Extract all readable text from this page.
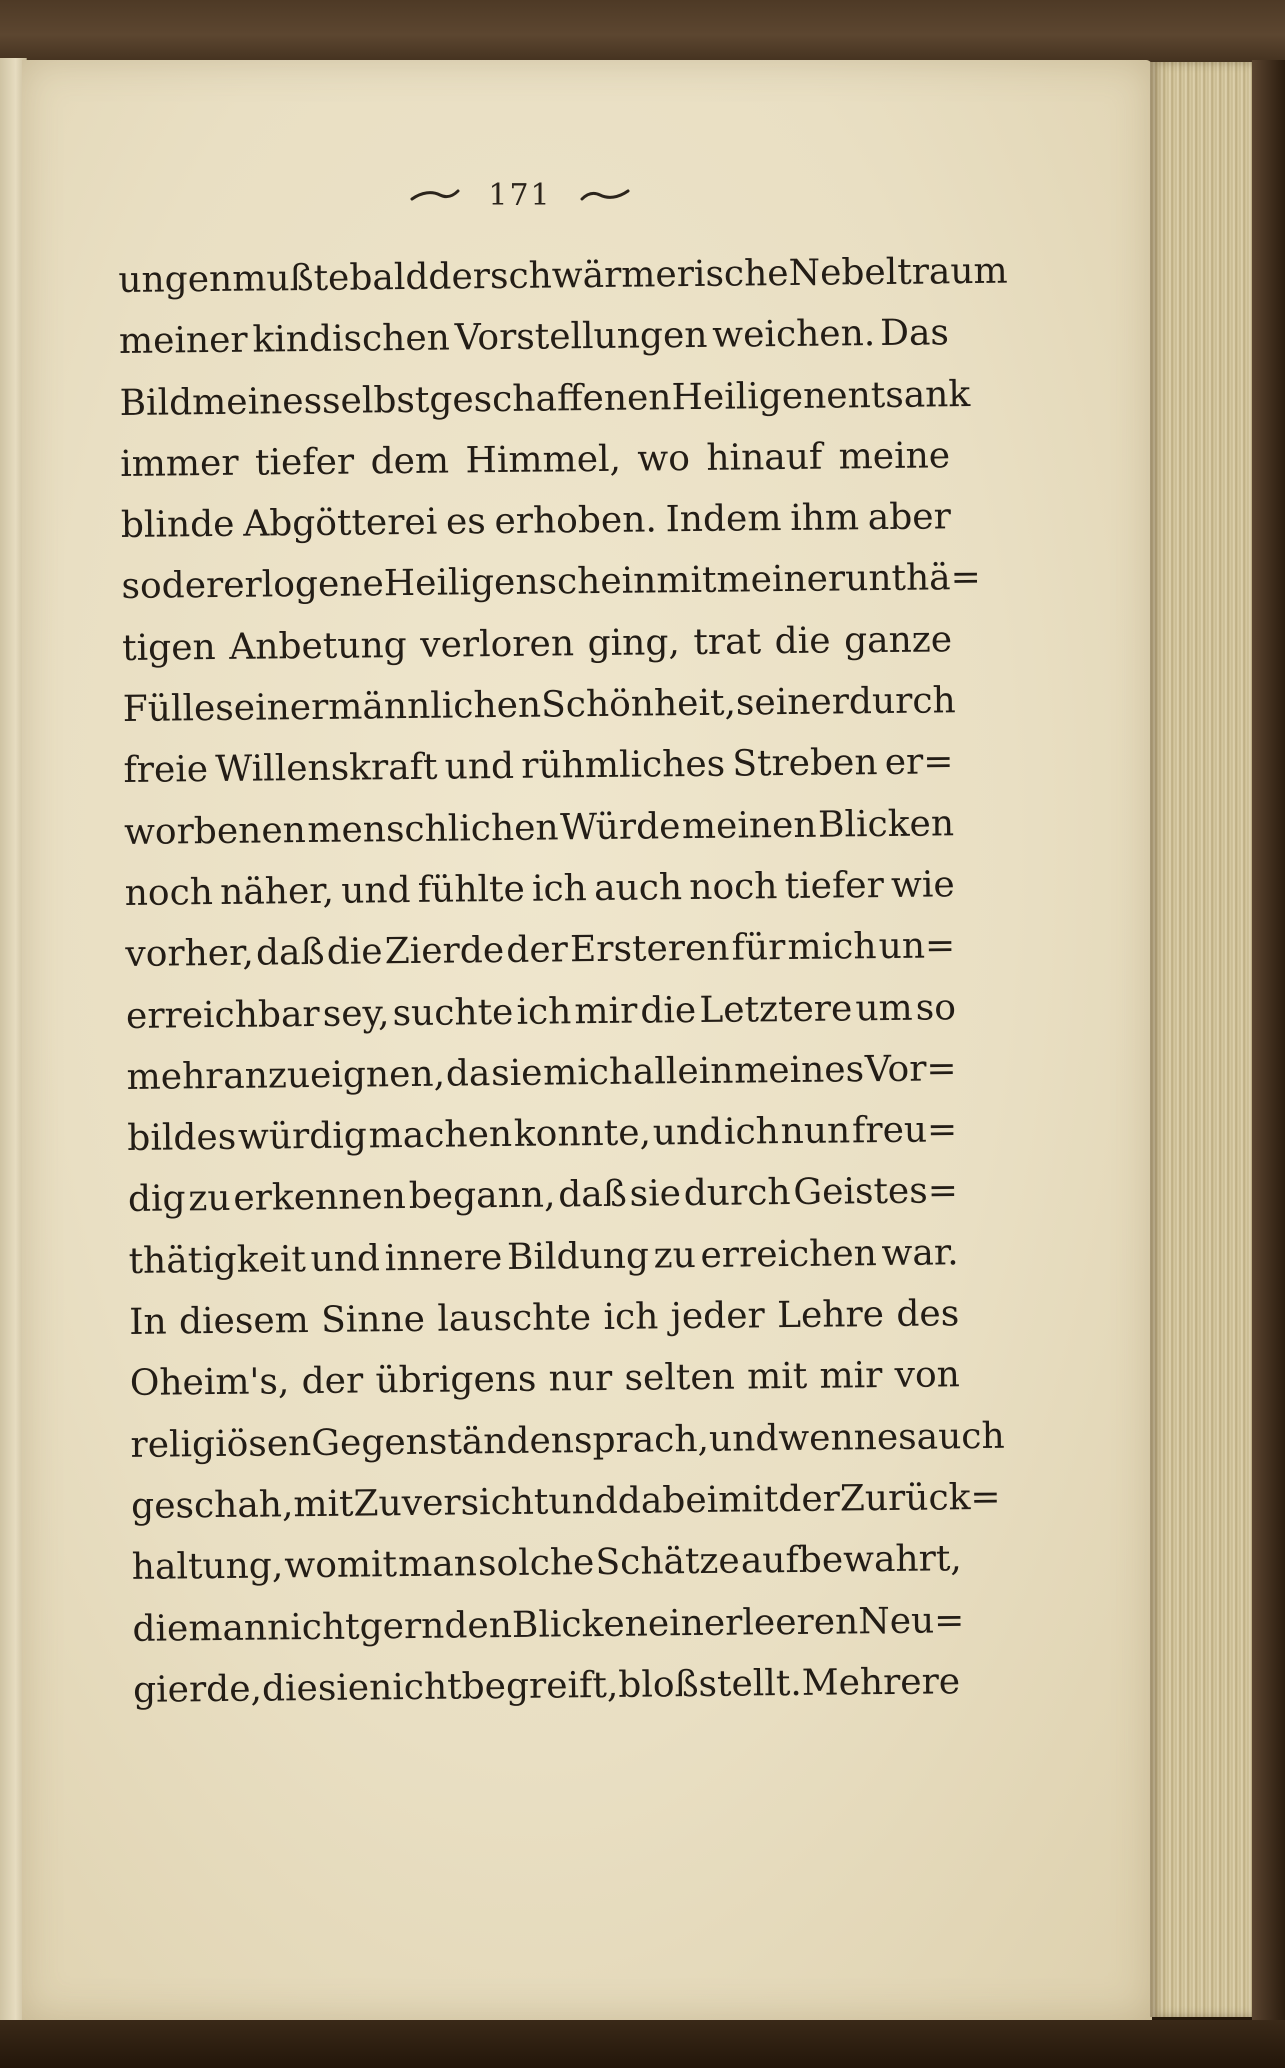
171
ungen mußte bald der schwärmerische Nebeltraum
meiner kindischen Vorstellungen weichen. Das
Bild meines selbstgeschaffenen Heiligen entsank
immer tiefer dem Himmel, wo hinauf meine
blinde Abgötterei es erhoben. Indem ihm aber
so der erlogene Heiligenschein mit meiner unthä=
tigen Anbetung verloren ging, trat die ganze
Fülle seiner männlichen Schönheit, seiner durch
freie Willenskraft und rühmliches Streben er=
worbenen menschlichen Würde meinen Blicken
noch näher, und fühlte ich auch noch tiefer wie
vorher, daß die Zierde der Ersteren für mich un=
erreichbar sey, suchte ich mir die Letztere um so
mehr anzueignen, da sie mich allein meines Vor=
bildes würdig machen konnte, und ich nun freu=
dig zu erkennen begann, daß sie durch Geistes=
thätigkeit und innere Bildung zu erreichen war.
In diesem Sinne lauschte ich jeder Lehre des
Oheim's, der übrigens nur selten mit mir von
religiösen Gegenständen sprach, und wenn es auch
geschah, mit Zuversicht und dabei mit der Zurück=
haltung, womit man solche Schätze aufbewahrt,
die man nicht gern den Blicken einer leeren Neu=
gierde, die sie nicht begreift, bloß stellt. Mehrere
